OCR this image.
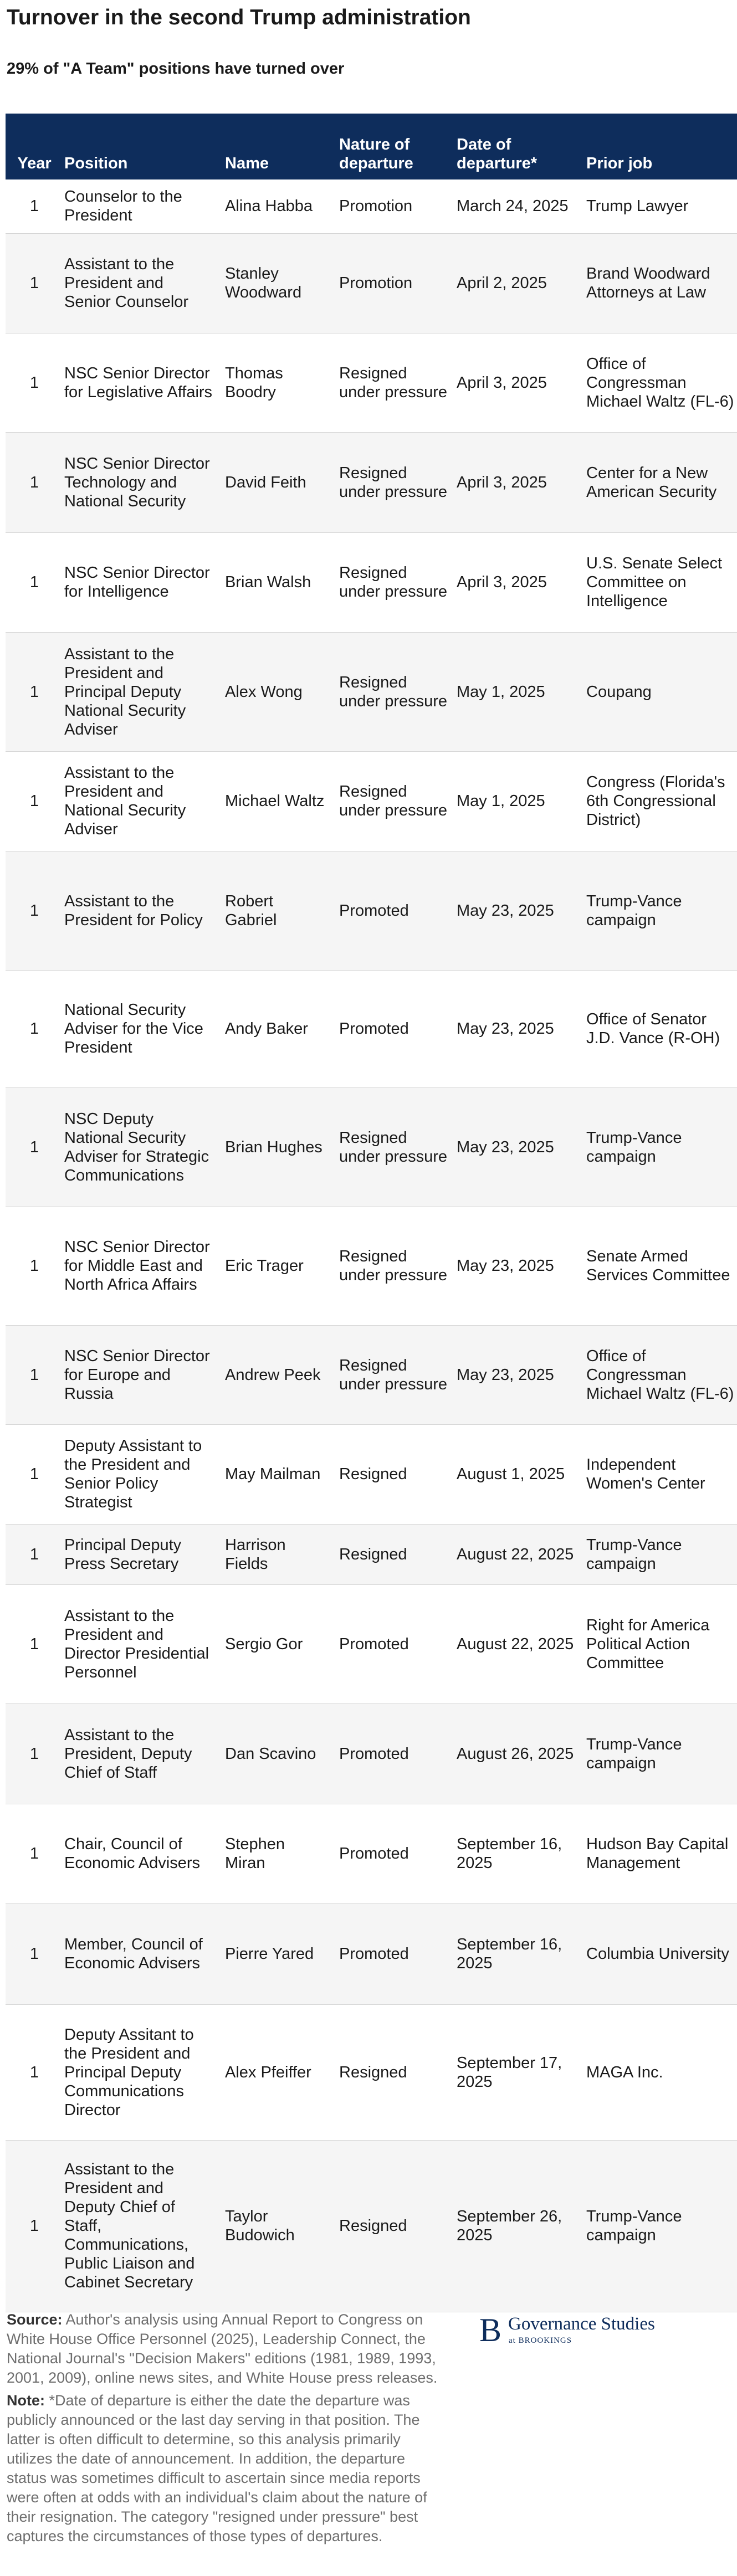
Turnover in the second Trump administration
29% of "A Team" positions have turned over
Year	Position	Name	Nature of departure	Date of departure*	Prior job
1	Counselor to the President	Alina Habba	Promotion	March 24, 2025	Trump Lawyer
1	Assistant to the President and Senior Counselor	Stanley Woodward	Promotion	April 2, 2025	Brand Woodward Attorneys at Law
1	NSC Senior Director for Legislative Affairs	Thomas Boodry	Resigned under pressure	April 3, 2025	Office of Congressman Michael Waltz (FL-6)
1	NSC Senior Director Technology and National Security	David Feith	Resigned under pressure	April 3, 2025	Center for a New American Security
1	NSC Senior Director for Intelligence	Brian Walsh	Resigned under pressure	April 3, 2025	U.S. Senate Select Committee on Intelligence
1	Assistant to the President and Principal Deputy National Security Adviser	Alex Wong	Resigned under pressure	May 1, 2025	Coupang
1	Assistant to the President and National Security Adviser	Michael Waltz	Resigned under pressure	May 1, 2025	Congress (Florida's 6th Congressional District)
1	Assistant to the President for Policy	Robert Gabriel	Promoted	May 23, 2025	Trump-Vance campaign
1	National Security Adviser for the Vice President	Andy Baker	Promoted	May 23, 2025	Office of Senator J.D. Vance (R-OH)
1	NSC Deputy National Security Adviser for Strategic Communications	Brian Hughes	Resigned under pressure	May 23, 2025	Trump-Vance campaign
1	NSC Senior Director for Middle East and North Africa Affairs	Eric Trager	Resigned under pressure	May 23, 2025	Senate Armed Services Committee
1	NSC Senior Director for Europe and Russia	Andrew Peek	Resigned under pressure	May 23, 2025	Office of Congressman Michael Waltz (FL-6)
1	Deputy Assistant to the President and Senior Policy Strategist	May Mailman	Resigned	August 1, 2025	Independent Women's Center
1	Principal Deputy Press Secretary	Harrison Fields	Resigned	August 22, 2025	Trump-Vance campaign
1	Assistant to the President and Director Presidential Personnel	Sergio Gor	Promoted	August 22, 2025	Right for America Political Action Committee
1	Assistant to the President, Deputy Chief of Staff	Dan Scavino	Promoted	August 26, 2025	Trump-Vance campaign
1	Chair, Council of Economic Advisers	Stephen Miran	Promoted	September 16, 2025	Hudson Bay Capital Management
1	Member, Council of Economic Advisers	Pierre Yared	Promoted	September 16, 2025	Columbia University
1	Deputy Assitant to the President and Principal Deputy Communications Director	Alex Pfeiffer	Resigned	September 17, 2025	MAGA Inc.
1	Assistant to the President and Deputy Chief of Staff, Communications, Public Liaison and Cabinet Secretary	Taylor Budowich	Resigned	September 26, 2025	Trump-Vance campaign

Source: Author's analysis using Annual Report to Congress on White House Office Personnel (2025), Leadership Connect, the National Journal's "Decision Makers" editions (1981, 1989, 1993, 2001, 2009), online news sites, and White House press releases.

Note: *Date of departure is either the date the departure was publicly announced or the last day serving in that position. The latter is often difficult to determine, so this analysis primarily utilizes the date of announcement. In addition, the departure status was sometimes difficult to ascertain since media reports were often at odds with an individual's claim about the nature of their resignation. The category "resigned under pressure" best captures the circumstances of those types of departures.

B Governance Studies
at BROOKINGS
